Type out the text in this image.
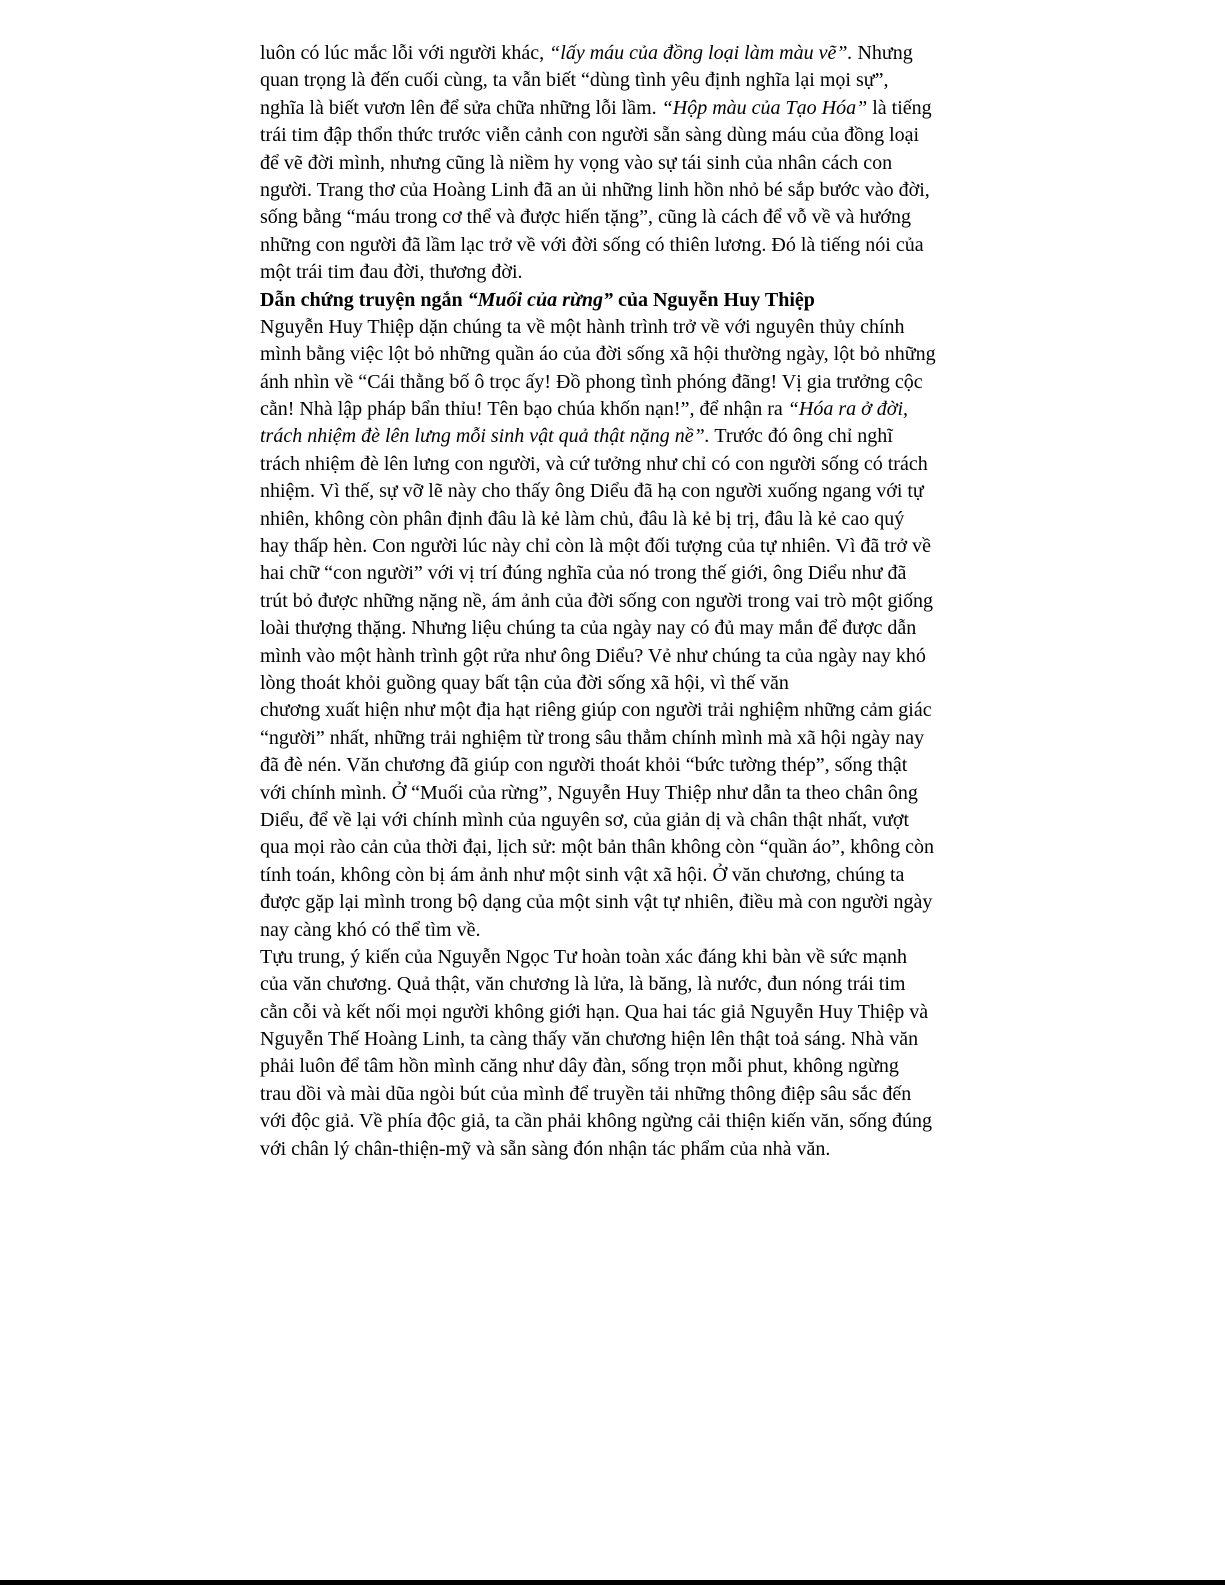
luôn có lúc mắc lỗi với người khác, “lấy máu của đồng loại làm màu vẽ”. Nhưng
quan trọng là đến cuối cùng, ta vẫn biết “dùng tình yêu định nghĩa lại mọi sự”,
nghĩa là biết vươn lên để sửa chữa những lỗi lầm. “Hộp màu của Tạo Hóa” là tiếng
trái tim đập thổn thức trước viễn cảnh con người sẵn sàng dùng máu của đồng loại
để vẽ đời mình, nhưng cũng là niềm hy vọng vào sự tái sinh của nhân cách con
người. Trang thơ của Hoàng Linh đã an ủi những linh hồn nhỏ bé sắp bước vào đời,
sống bằng “máu trong cơ thể và được hiến tặng”, cũng là cách để vỗ về và hướng
những con người đã lầm lạc trở về với đời sống có thiên lương. Đó là tiếng nói của
một trái tim đau đời, thương đời.
Dẫn chứng truyện ngắn “Muối của rừng” của Nguyễn Huy Thiệp
Nguyễn Huy Thiệp dặn chúng ta về một hành trình trở về với nguyên thủy chính
mình bằng việc lột bỏ những quần áo của đời sống xã hội thường ngày, lột bỏ những
ánh nhìn về “Cái thằng bố ô trọc ấy! Đồ phong tình phóng đãng! Vị gia trưởng cộc
cằn! Nhà lập pháp bẩn thỉu! Tên bạo chúa khốn nạn!”, để nhận ra “Hóa ra ở đời,
trách nhiệm đè lên lưng mỗi sinh vật quả thật nặng nề”. Trước đó ông chỉ nghĩ
trách nhiệm đè lên lưng con người, và cứ tưởng như chỉ có con người sống có trách
nhiệm. Vì thế, sự vỡ lẽ này cho thấy ông Diểu đã hạ con người xuống ngang với tự
nhiên, không còn phân định đâu là kẻ làm chủ, đâu là kẻ bị trị, đâu là kẻ cao quý
hay thấp hèn. Con người lúc này chỉ còn là một đối tượng của tự nhiên. Vì đã trở về
hai chữ “con người” với vị trí đúng nghĩa của nó trong thế giới, ông Diểu như đã
trút bỏ được những nặng nề, ám ảnh của đời sống con người trong vai trò một giống
loài thượng thặng. Nhưng liệu chúng ta của ngày nay có đủ may mắn để được dẫn
mình vào một hành trình gột rửa như ông Diểu? Vẻ như chúng ta của ngày nay khó
lòng thoát khỏi guồng quay bất tận của đời sống xã hội, vì thế văn
chương xuất hiện như một địa hạt riêng giúp con người trải nghiệm những cảm giác
“người” nhất, những trải nghiệm từ trong sâu thẳm chính mình mà xã hội ngày nay
đã đè nén. Văn chương đã giúp con người thoát khỏi “bức tường thép”, sống thật
với chính mình. Ở “Muối của rừng”, Nguyễn Huy Thiệp như dẫn ta theo chân ông
Diểu, để về lại với chính mình của nguyên sơ, của giản dị và chân thật nhất, vượt
qua mọi rào cản của thời đại, lịch sử: một bản thân không còn “quần áo”, không còn
tính toán, không còn bị ám ảnh như một sinh vật xã hội. Ở văn chương, chúng ta
được gặp lại mình trong bộ dạng của một sinh vật tự nhiên, điều mà con người ngày
nay càng khó có thể tìm về.
Tựu trung, ý kiến của Nguyễn Ngọc Tư hoàn toàn xác đáng khi bàn về sức mạnh
của văn chương. Quả thật, văn chương là lửa, là băng, là nước, đun nóng trái tim
cằn cỗi và kết nối mọi người không giới hạn. Qua hai tác giả Nguyễn Huy Thiệp và
Nguyễn Thế Hoàng Linh, ta càng thấy văn chương hiện lên thật toả sáng. Nhà văn
phải luôn để tâm hồn mình căng như dây đàn, sống trọn mỗi phut, không ngừng
trau dồi và mài dũa ngòi bút của mình để truyền tải những thông điệp sâu sắc đến
với độc giả. Về phía độc giả, ta cần phải không ngừng cải thiện kiến văn, sống đúng
với chân lý chân-thiện-mỹ và sẵn sàng đón nhận tác phẩm của nhà văn.
